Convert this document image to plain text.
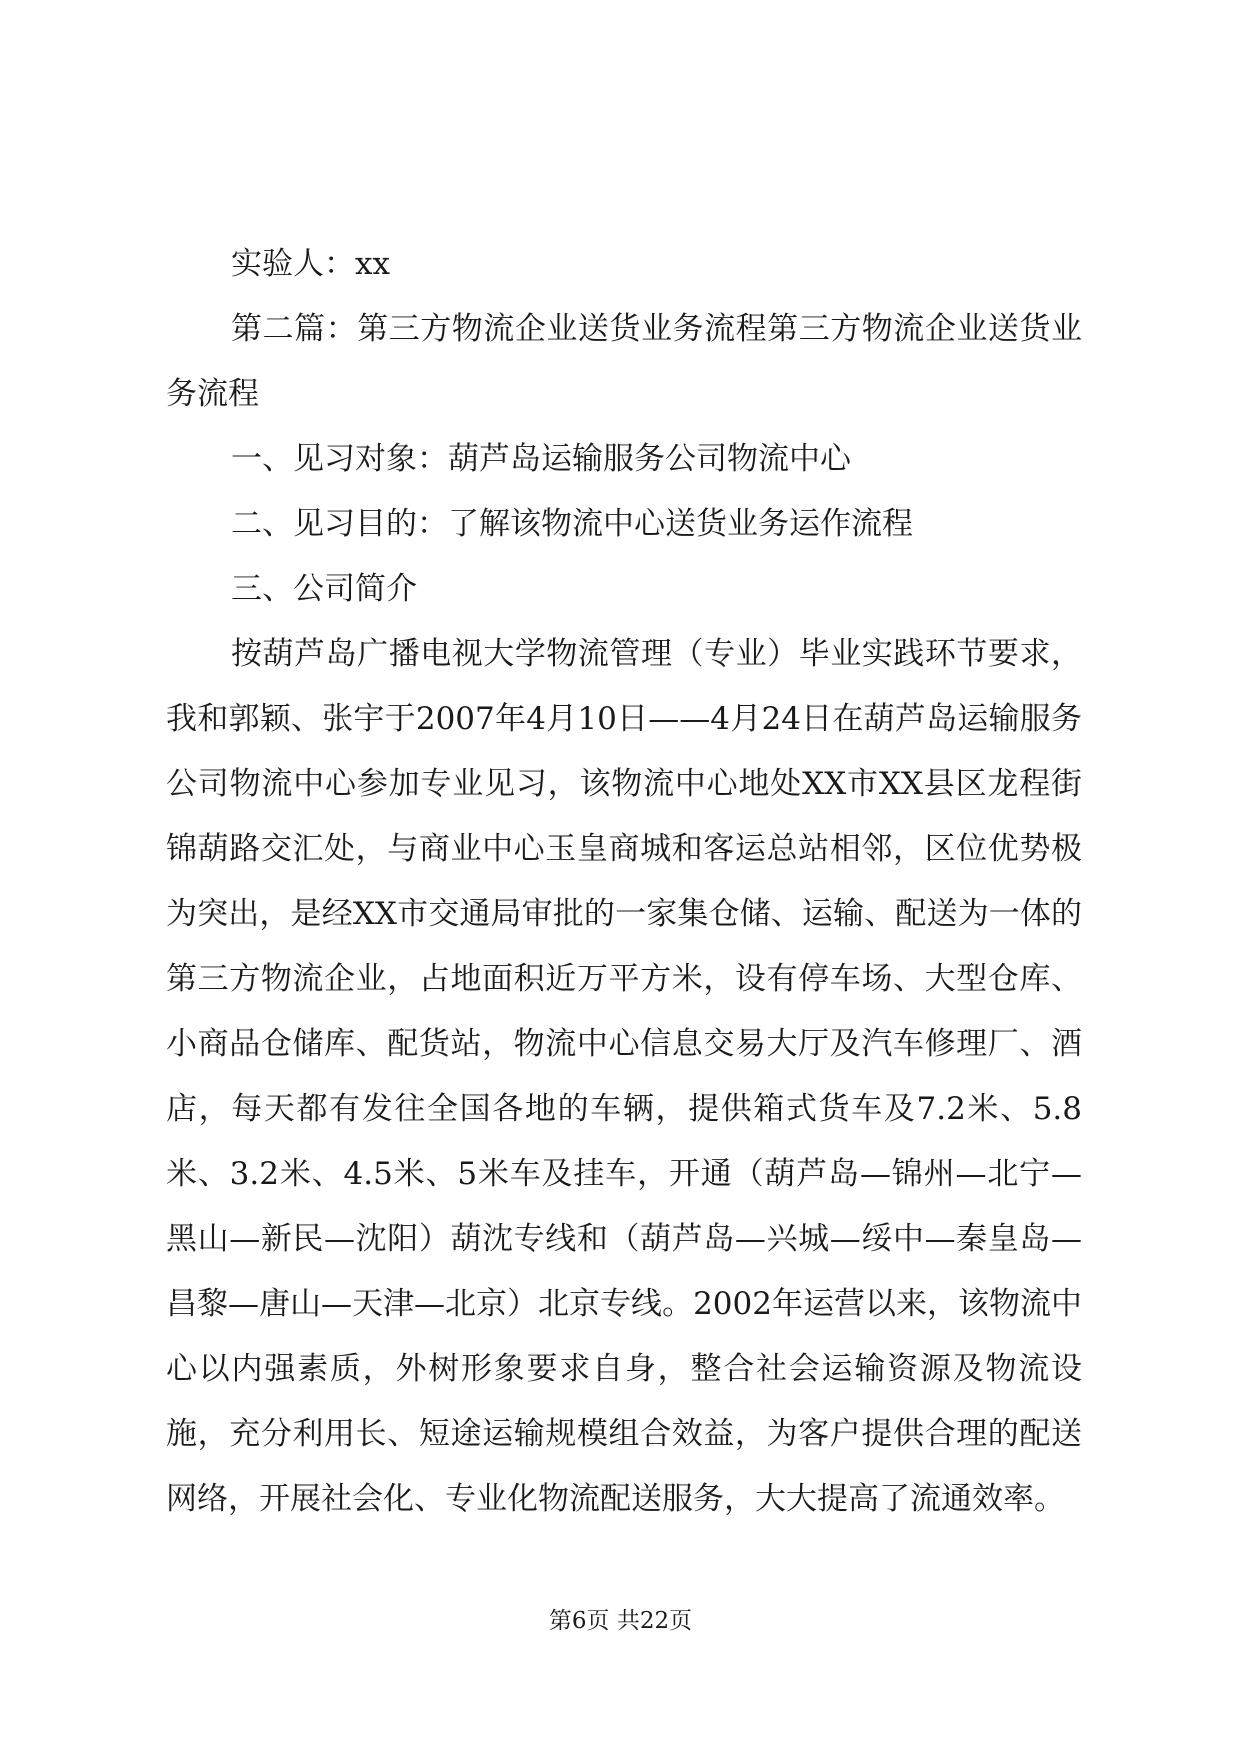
实验人：xx

第二篇：第三方物流企业送货业务流程第三方物流企业送货业务流程

一、见习对象：葫芦岛运输服务公司物流中心

二、见习目的：了解该物流中心送货业务运作流程

三、公司简介

按葫芦岛广播电视大学物流管理（专业）毕业实践环节要求，我和郭颖、张宇于2007年4月10日——4月24日在葫芦岛运输服务公司物流中心参加专业见习，该物流中心地处XX市XX县区龙程街锦葫路交汇处，与商业中心玉皇商城和客运总站相邻，区位优势极为突出，是经XX市交通局审批的一家集仓储、运输、配送为一体的第三方物流企业，占地面积近万平方米，设有停车场、大型仓库、小商品仓储库、配货站，物流中心信息交易大厅及汽车修理厂、酒店，每天都有发往全国各地的车辆，提供箱式货车及7.2米、5.8米、3.2米、4.5米、5米车及挂车，开通（葫芦岛—锦州—北宁—黑山—新民—沈阳）葫沈专线和（葫芦岛—兴城—绥中—秦皇岛—昌黎—唐山—天津—北京）北京专线。2002年运营以来，该物流中心以内强素质，外树形象要求自身，整合社会运输资源及物流设施，充分利用长、短途运输规模组合效益，为客户提供合理的配送网络，开展社会化、专业化物流配送服务，大大提高了流通效率。

第6页 共22页
